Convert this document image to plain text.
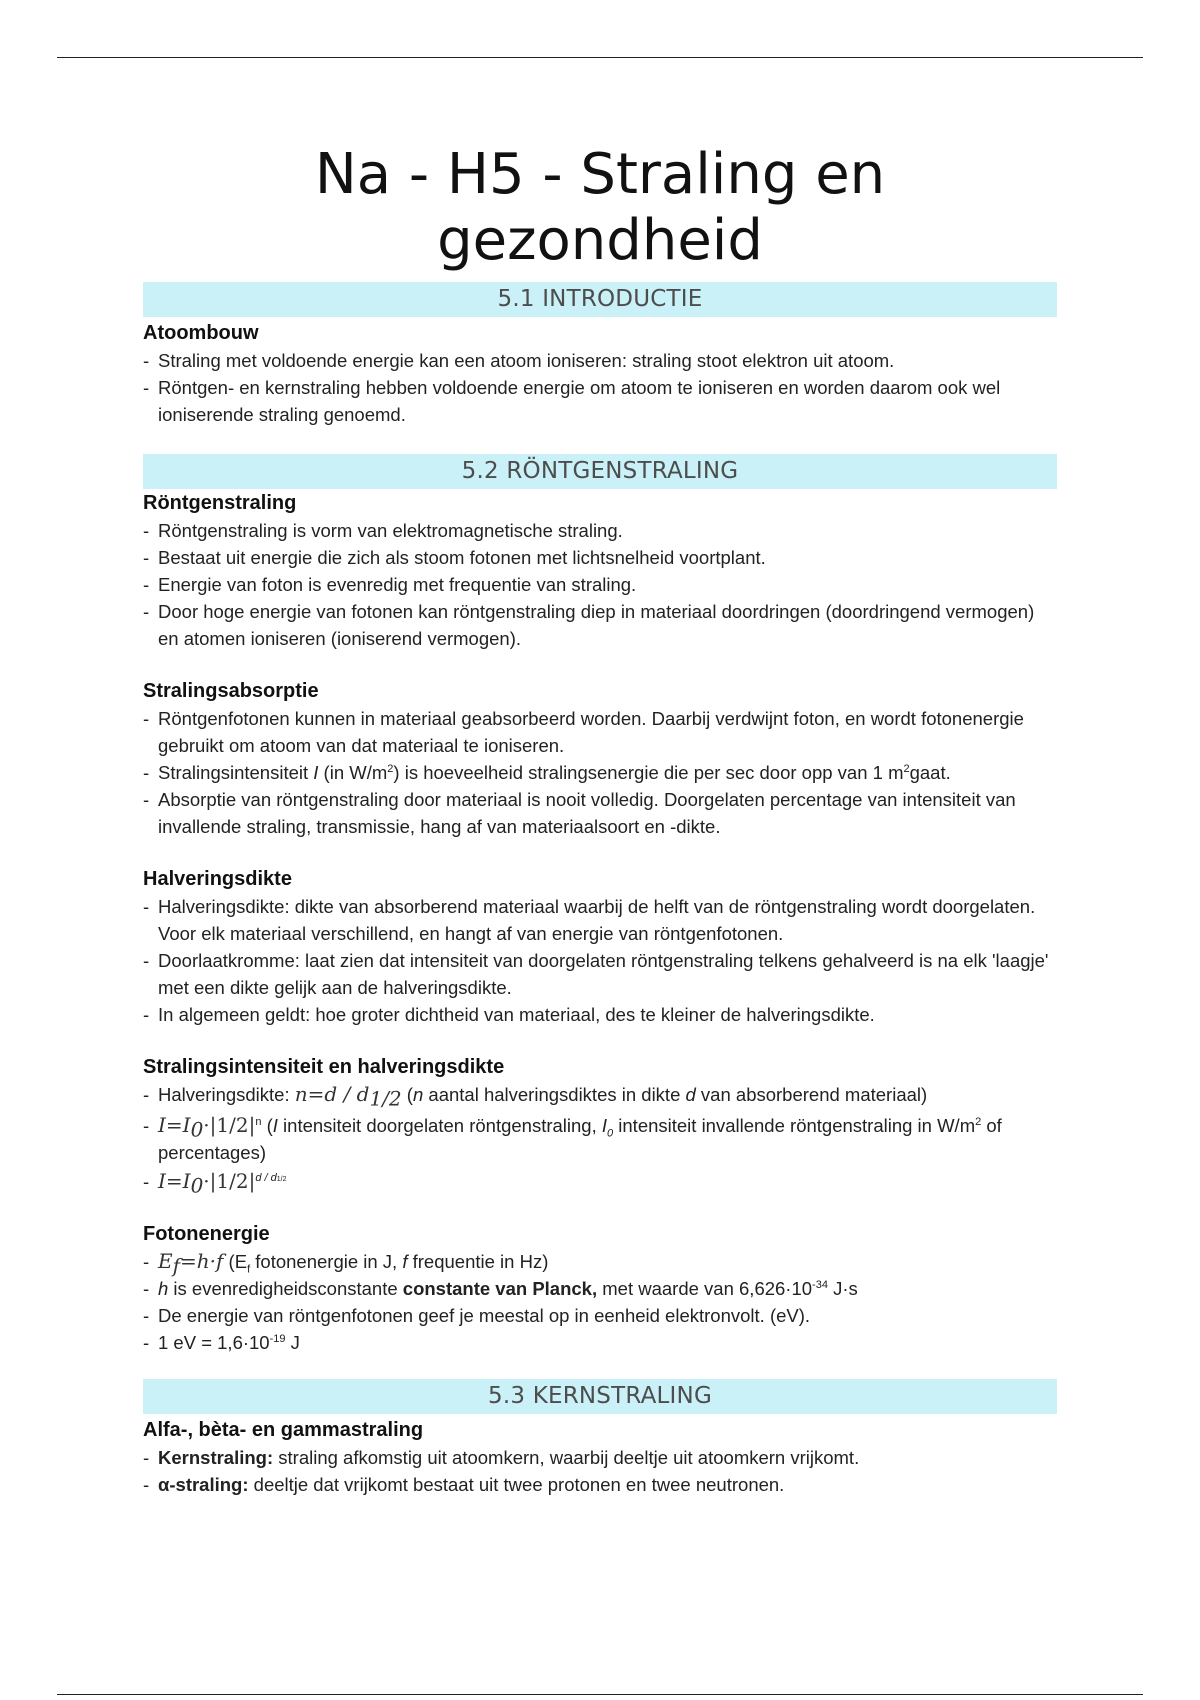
Na - H5 - Straling en
gezondheid
5.1 INTRODUCTIE
Atoombouw
- Straling met voldoende energie kan een atoom ioniseren: straling stoot elektron uit atoom.
- Röntgen- en kernstraling hebben voldoende energie om atoom te ioniseren en worden daarom ook wel ioniserende straling genoemd.
5.2 RÖNTGENSTRALING
Röntgenstraling
- Röntgenstraling is vorm van elektromagnetische straling.
- Bestaat uit energie die zich als stoom fotonen met lichtsnelheid voortplant.
- Energie van foton is evenredig met frequentie van straling.
- Door hoge energie van fotonen kan röntgenstraling diep in materiaal doordringen (doordringend vermogen) en atomen ioniseren (ioniserend vermogen).
Stralingsabsorptie
- Röntgenfotonen kunnen in materiaal geabsorbeerd worden. Daarbij verdwijnt foton, en wordt fotonenergie gebruikt om atoom van dat materiaal te ioniseren.
- Stralingsintensiteit I (in $W/m^2$) is hoeveelheid stralingsenergie die per sec door opp van 1 $m^2gaat$.
- Absorptie van röntgenstraling door materiaal is nooit volledig. Doorgelaten percentage van intensiteit van invallende straling, transmissie, hang af van materiaalsoort en -dikte.
Halveringsdikte
- Halveringsdikte: dikte van absorberend materiaal waarbij de helft van de röntgenstraling wordt doorgelaten. Voor elk materiaal verschillend, en hangt af van energie van röntgenfotonen.
- Doorlaatkromme: laat zien dat intensiteit van doorgelaten röntgenstraling telkens gehalveerd is na elk 'laagje' met een dikte gelijk aan de halveringsdikte.
- In algemeen geldt: hoe groter dichtheid van materiaal, des te kleiner de halveringsdikte.
Stralingsintensiteit en halveringsdikte
- Halveringsdikte: $n=d / d_{1/2}$ (n aantal halveringsdiktes in dikte d van absorberend materiaal)
- $I=I_0\cdot|1/2|^n$ (I intensiteit doorgelaten röntgenstraling, $I_0$ intensiteit invallende röntgenstraling in $W/m^2$ of percentages)
- $I=I_0\cdot|1/2|^{d / d1/2}$
Fotonenergie
- $E_f=h\cdot f$ ($E_f$ fotonenergie in J, f frequentie in Hz)
- h is evenredigheidsconstante constante van Planck, met waarde van $6,626\cdot 10^{-34}$ J·s
- De energie van röntgenfotonen geef je meestal op in eenheid elektronvolt. (eV).
- 1 eV = $1,6\cdot 10^{-19}$ J
5.3 KERNSTRALING
Alfa-, bèta- en gammastraling
- Kernstraling: straling afkomstig uit atoomkern, waarbij deeltje uit atoomkern vrijkomt.
- α-straling: deeltje dat vrijkomt bestaat uit twee protonen en twee neutronen.
